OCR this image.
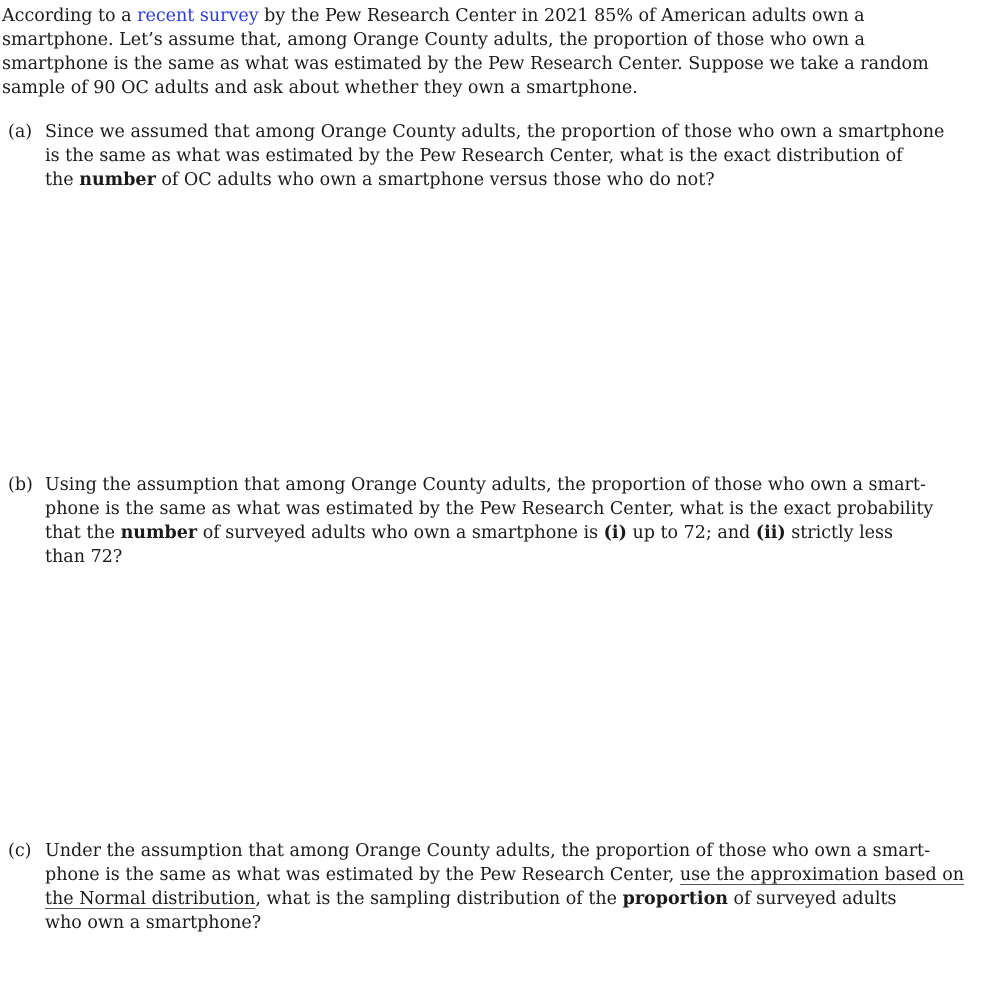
According to a recent survey by the Pew Research Center in 2021 85% of American adults own a
smartphone. Let’s assume that, among Orange County adults, the proportion of those who own a
smartphone is the same as what was estimated by the Pew Research Center. Suppose we take a random
sample of 90 OC adults and ask about whether they own a smartphone.
(a) Since we assumed that among Orange County adults, the proportion of those who own a smartphone
is the same as what was estimated by the Pew Research Center, what is the exact distribution of
the number of OC adults who own a smartphone versus those who do not?
(b) Using the assumption that among Orange County adults, the proportion of those who own a smart-
phone is the same as what was estimated by the Pew Research Center, what is the exact probability
that the number of surveyed adults who own a smartphone is (i) up to 72; and (ii) strictly less
than 72?
(c) Under the assumption that among Orange County adults, the proportion of those who own a smart-
phone is the same as what was estimated by the Pew Research Center, use the approximation based on
the Normal distribution, what is the sampling distribution of the proportion of surveyed adults
who own a smartphone?
